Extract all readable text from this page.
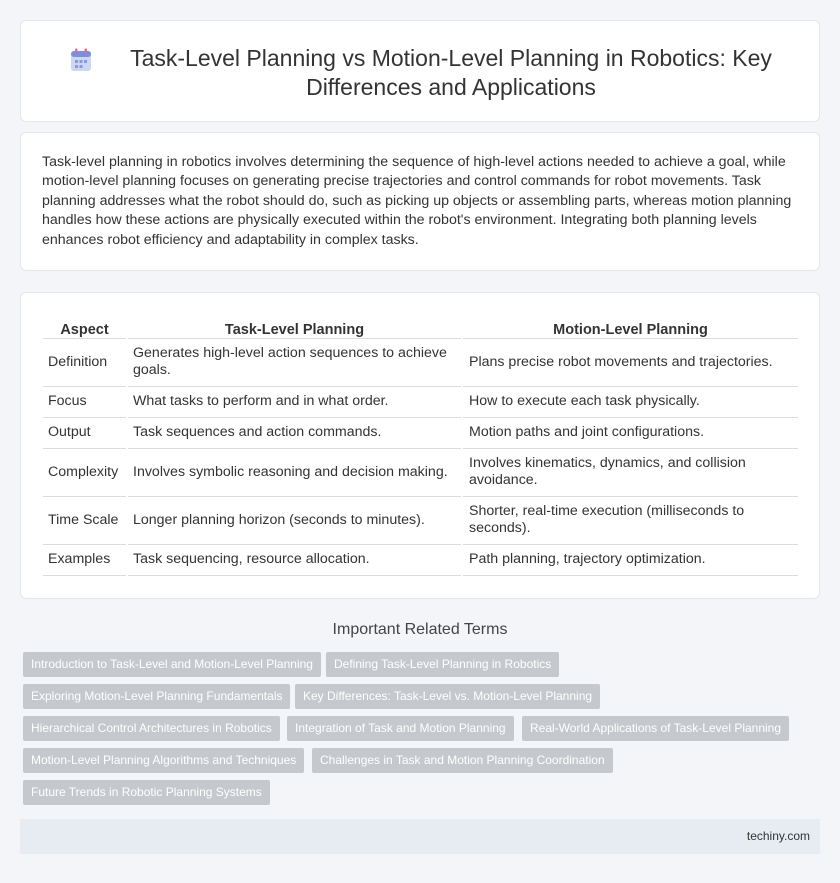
Task-Level Planning vs Motion-Level Planning in Robotics: Key Differences and Applications

Task-level planning in robotics involves determining the sequence of high-level actions needed to achieve a goal, while motion-level planning focuses on generating precise trajectories and control commands for robot movements. Task planning addresses what the robot should do, such as picking up objects or assembling parts, whereas motion planning handles how these actions are physically executed within the robot's environment. Integrating both planning levels enhances robot efficiency and adaptability in complex tasks.

Aspect	Task-Level Planning	Motion-Level Planning
Definition	Generates high-level action sequences to achieve goals.	Plans precise robot movements and trajectories.
Focus	What tasks to perform and in what order.	How to execute each task physically.
Output	Task sequences and action commands.	Motion paths and joint configurations.
Complexity	Involves symbolic reasoning and decision making.	Involves kinematics, dynamics, and collision avoidance.
Time Scale	Longer planning horizon (seconds to minutes).	Shorter, real-time execution (milliseconds to seconds).
Examples	Task sequencing, resource allocation.	Path planning, trajectory optimization.
Important Related Terms
Introduction to Task-Level and Motion-Level Planning	Defining Task-Level Planning in Robotics
Exploring Motion-Level Planning Fundamentals	Key Differences: Task-Level vs. Motion-Level Planning
Hierarchical Control Architectures in Robotics	Integration of Task and Motion Planning	Real-World Applications of Task-Level Planning
Motion-Level Planning Algorithms and Techniques	Challenges in Task and Motion Planning Coordination
Future Trends in Robotic Planning Systems
techiny.com
